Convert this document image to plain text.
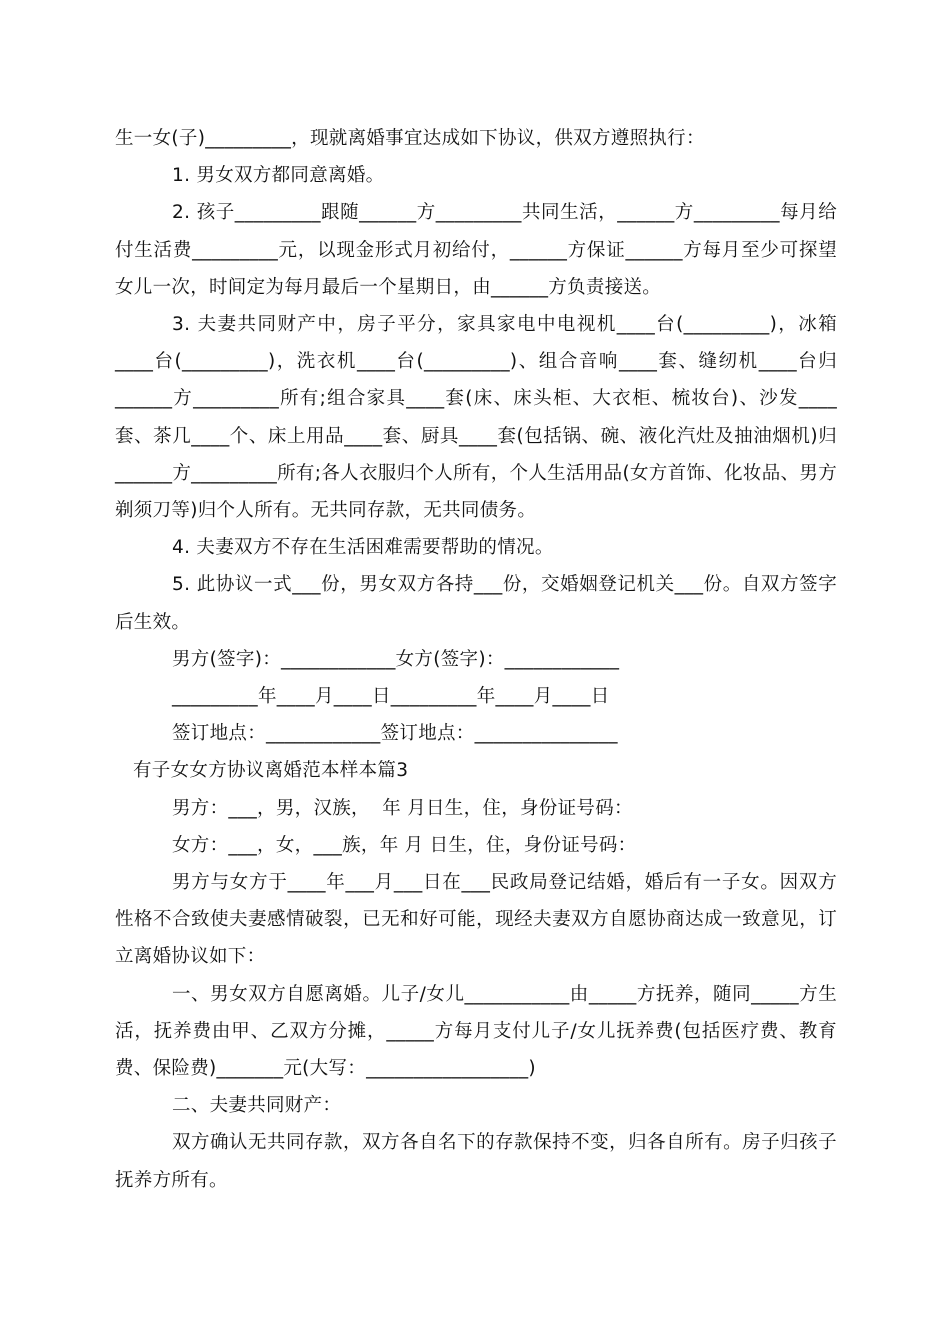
生一女(子)_________，现就离婚事宜达成如下协议，供双方遵照执行：

1. 男女双方都同意离婚。

2. 孩子_________跟随______方_________共同生活，______方_________每月给付生活费_________元，以现金形式月初给付，______方保证______方每月至少可探望女儿一次，时间定为每月最后一个星期日，由______方负责接送。

3. 夫妻共同财产中，房子平分，家具家电中电视机____台(_________)，冰箱____台(_________)，洗衣机____台(_________)、组合音响____套、缝纫机____台归______方_________所有;组合家具____套(床、床头柜、大衣柜、梳妆台)、沙发____套、茶几____个、床上用品____套、厨具____套(包括锅、碗、液化汽灶及抽油烟机)归______方_________所有;各人衣服归个人所有，个人生活用品(女方首饰、化妆品、男方剃须刀等)归个人所有。无共同存款，无共同债务。

4. 夫妻双方不存在生活困难需要帮助的情况。

5. 此协议一式___份，男女双方各持___份，交婚姻登记机关___份。自双方签字后生效。

男方(签字)：____________女方(签字)：____________

_________年____月____日_________年____月____日

签订地点：____________签订地点：_______________

有子女女方协议离婚范本样本篇3

男方：___，男，汉族，  年 月日生，住，身份证号码：

女方：___，女，___族，年 月 日生，住，身份证号码：

男方与女方于____年___月___日在___民政局登记结婚，婚后有一子女。因双方性格不合致使夫妻感情破裂，已无和好可能，现经夫妻双方自愿协商达成一致意见，订立离婚协议如下：

一、男女双方自愿离婚。儿子/女儿___________由_____方抚养，随同_____方生活，抚养费由甲、乙双方分摊，_____方每月支付儿子/女儿抚养费(包括医疗费、教育费、保险费)_______元(大写：_________________)

二、夫妻共同财产：

双方确认无共同存款，双方各自名下的存款保持不变，归各自所有。房子归孩子抚养方所有。
